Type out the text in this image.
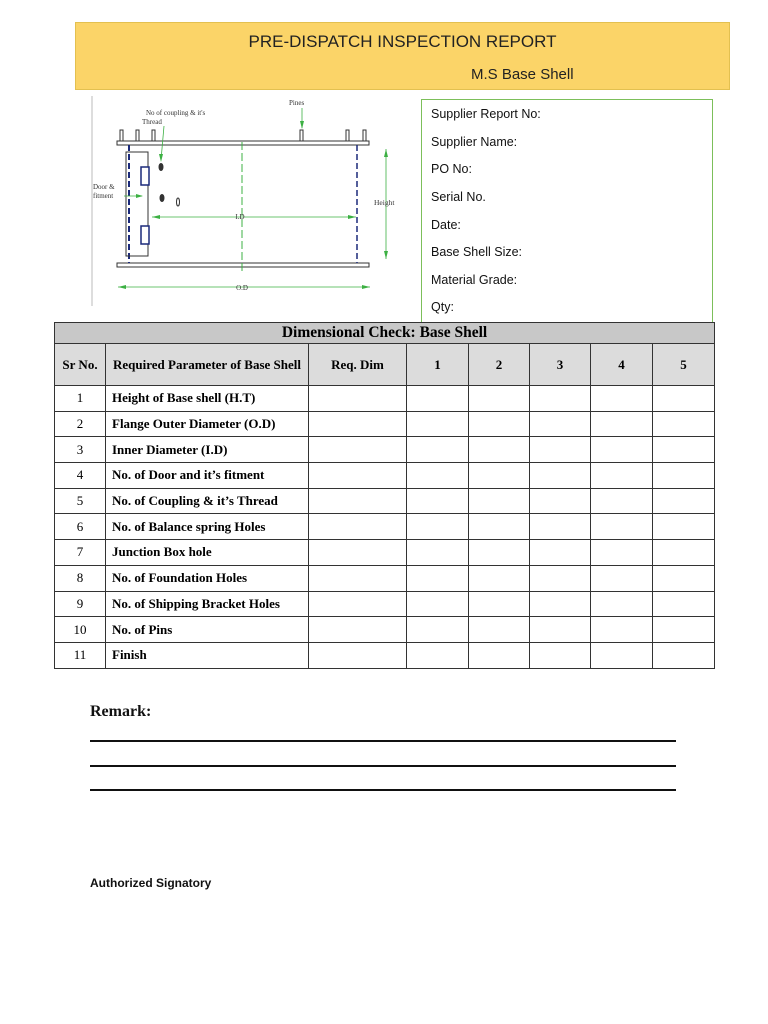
PRE-DISPATCH INSPECTION REPORT
M.S Base Shell
I.D
O.D
Height
No of coupling & it's
Thread
Pines
Door &
fitment
Supplier Report No:
Supplier Name:
PO No:
Serial No.
Date:
Base Shell Size:
Material Grade:
Qty:
Dimensional Check: Base Shell							
Sr No.	Required Parameter of Base Shell	Req. Dim	1	2	3	4	5
1	Height of Base shell (H.T)						
2	Flange Outer Diameter (O.D)						
3	Inner Diameter (I.D)						
4	No. of Door and it’s fitment						
5	No. of Coupling & it’s Thread						
6	No. of Balance spring Holes						
7	Junction Box hole						
8	No. of Foundation Holes						
9	No. of Shipping Bracket Holes						
10	No. of Pins						
11	Finish						
Remark:
Authorized Signatory
